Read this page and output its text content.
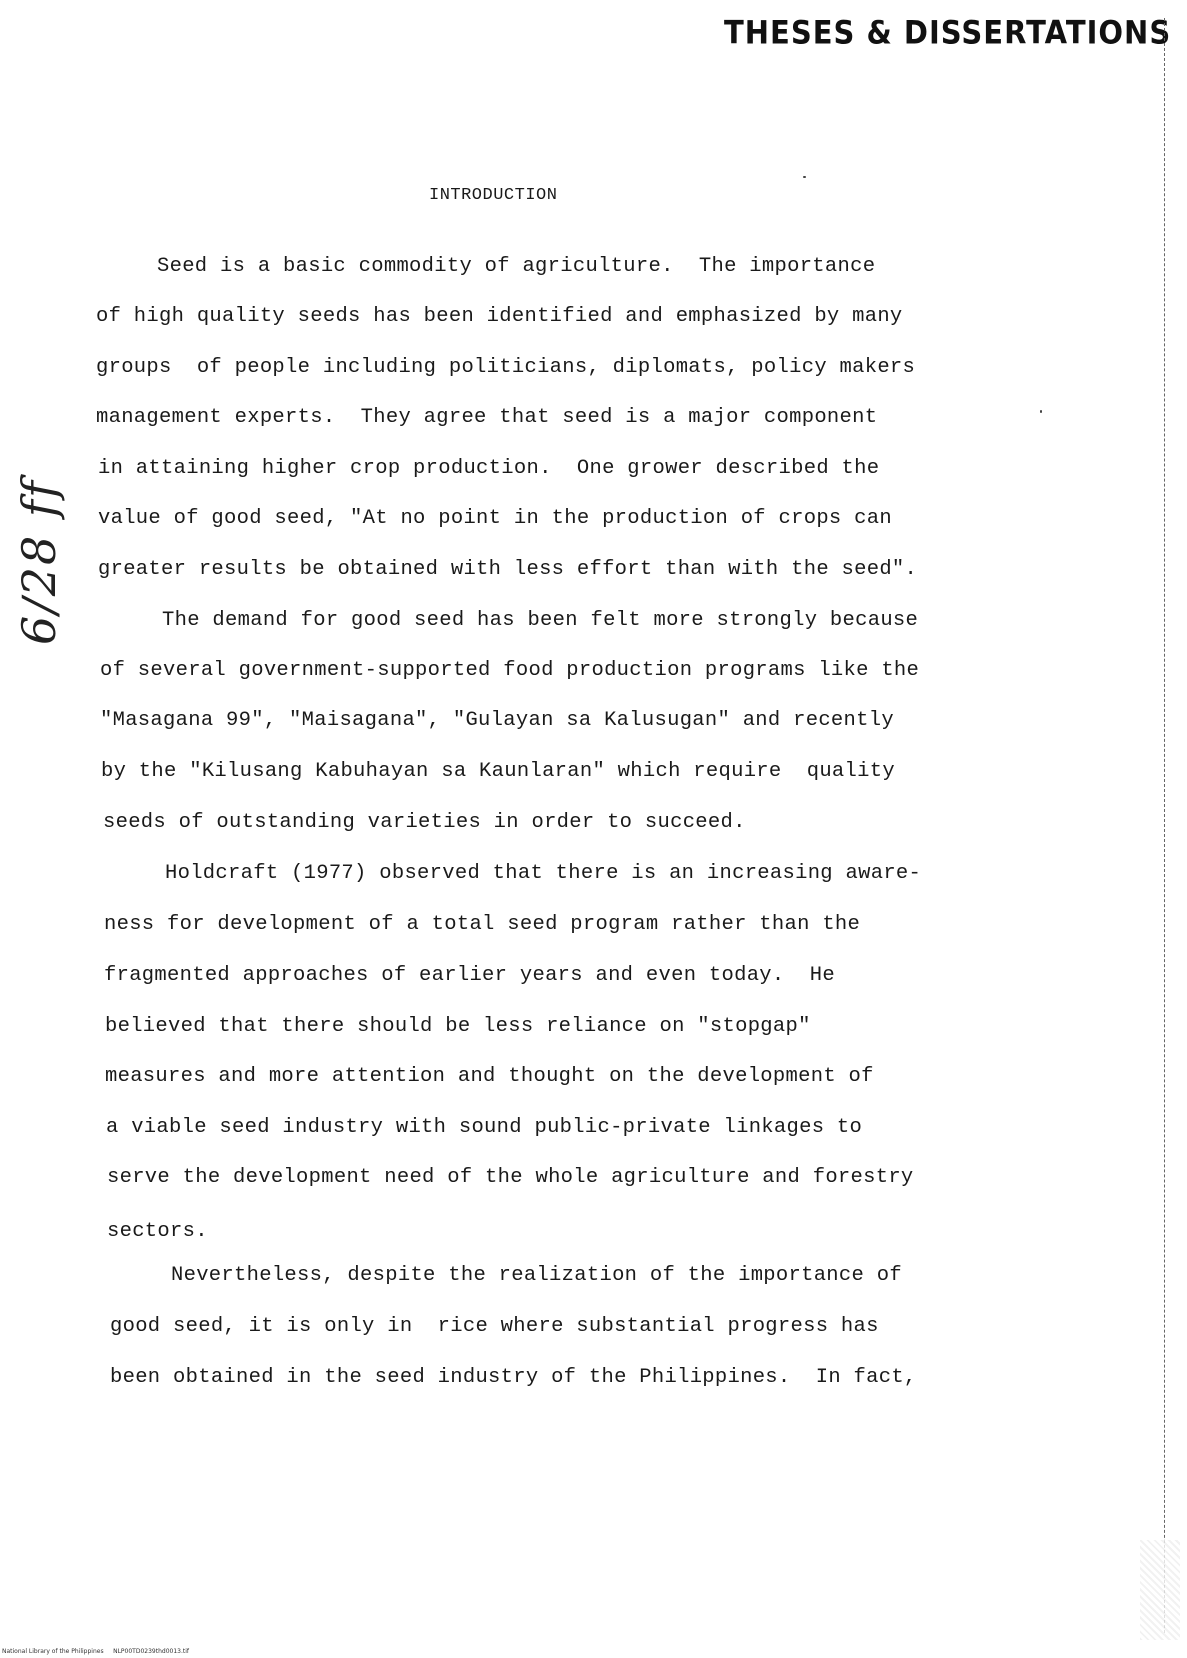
THESES & DISSERTATIONS
6/28 ff
INTRODUCTION
Seed is a basic commodity of agriculture.  The importance
of high quality seeds has been identified and emphasized by many
groups  of people including politicians, diplomats, policy makers
management experts.  They agree that seed is a major component
in attaining higher crop production.  One grower described the
value of good seed, "At no point in the production of crops can
greater results be obtained with less effort than with the seed".
The demand for good seed has been felt more strongly because
of several government-supported food production programs like the
"Masagana 99", "Maisagana", "Gulayan sa Kalusugan" and recently
by the "Kilusang Kabuhayan sa Kaunlaran" which require  quality
seeds of outstanding varieties in order to succeed.
Holdcraft (1977) observed that there is an increasing aware-
ness for development of a total seed program rather than the
fragmented approaches of earlier years and even today.  He
believed that there should be less reliance on "stopgap"
measures and more attention and thought on the development of
a viable seed industry with sound public-private linkages to
serve the development need of the whole agriculture and forestry
sectors.
Nevertheless, despite the realization of the importance of
good seed, it is only in  rice where substantial progress has
been obtained in the seed industry of the Philippines.  In fact,
National Library of the Philippines     NLP00TD0239thd0013.tif
